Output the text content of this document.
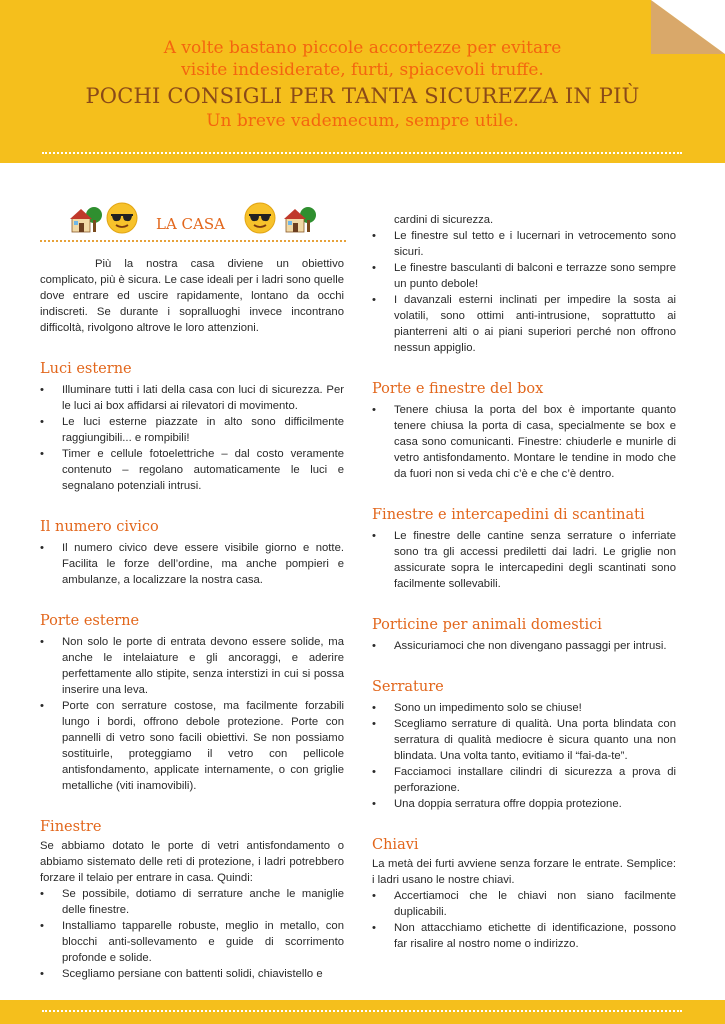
A volte bastano piccole accortezze per evitare
visite indesiderate, furti, spiacevoli truffe.
POCHI CONSIGLI PER TANTA SICUREZZA IN PIÙ
Un breve vademecum, sempre utile.
LA CASA

Più la nostra casa diviene un obiettivo complicato, più è sicura. Le case ideali per i ladri sono quelle dove entrare ed uscire rapidamente, lontano da occhi indiscreti. Se durante i sopralluoghi invece incontrano difficoltà, rivolgono altrove le loro attenzioni.

Luci esterne
• Illuminare tutti i lati della casa con luci di sicurezza. Per le luci ai box affidarsi ai rilevatori di movimento.
• Le luci esterne piazzate in alto sono difficilmente raggiungibili... e rompibili!
• Timer e cellule fotoelettriche – dal costo veramente contenuto – regolano automaticamente le luci e segnalano potenziali intrusi.
Il numero civico
• Il numero civico deve essere visibile giorno e notte. Facilita le forze dell’ordine, ma anche pompieri e ambulanze, a localizzare la nostra casa.
Porte esterne
• Non solo le porte di entrata devono essere solide, ma anche le intelaiature e gli ancoraggi, e aderire perfettamente allo stipite, senza interstizi in cui si possa inserire una leva.
• Porte con serrature costose, ma facilmente forzabili lungo i bordi, offrono debole protezione. Porte con pannelli di vetro sono facili obiettivi. Se non possiamo sostituirle, proteggiamo il vetro con pellicole antisfondamento, applicate internamente, o con griglie metalliche (viti inamovibili).
Finestre

Se abbiamo dotato le porte di vetri antisfondamento o abbiamo sistemato delle reti di protezione, i ladri potrebbero forzare il telaio per entrare in casa. Quindi:

• Se possibile, dotiamo di serrature anche le maniglie delle finestre.
• Installiamo tapparelle robuste, meglio in metallo, con blocchi anti-sollevamento e guide di scorrimento profonde e solide.
• Scegliamo persiane con battenti solidi, chiavistello e

cardini di sicurezza.

• Le finestre sul tetto e i lucernari in vetrocemento sono sicuri.
• Le finestre basculanti di balconi e terrazze sono sempre un punto debole!
• I davanzali esterni inclinati per impedire la sosta ai volatili, sono ottimi anti-intrusione, soprattutto ai pianterreni alti o ai piani superiori perché non offrono nessun appiglio.
Porte e finestre del box
• Tenere chiusa la porta del box è importante quanto tenere chiusa la porta di casa, specialmente se box e casa sono comunicanti. Finestre: chiuderle e munirle di vetro antisfondamento. Montare le tendine in modo che da fuori non si veda chi c’è e che c’è dentro.
Finestre e intercapedini di scantinati
• Le finestre delle cantine senza serrature o inferriate sono tra gli accessi prediletti dai ladri. Le griglie non assicurate sopra le intercapedini degli scantinati sono facilmente sollevabili.
Porticine per animali domestici
• Assicuriamoci che non divengano passaggi per intrusi.
Serrature
• Sono un impedimento solo se chiuse!
• Scegliamo serrature di qualità. Una porta blindata con serratura di qualità mediocre è sicura quanto una non blindata. Una volta tanto, evitiamo il “fai-da-te”.
• Facciamoci installare cilindri di sicurezza a prova di perforazione.
• Una doppia serratura offre doppia protezione.
Chiavi

La metà dei furti avviene senza forzare le entrate. Semplice: i ladri usano le nostre chiavi.

• Accertiamoci che le chiavi non siano facilmente duplicabili.
• Non attacchiamo etichette di identificazione, possono far risalire al nostro nome o indirizzo.
